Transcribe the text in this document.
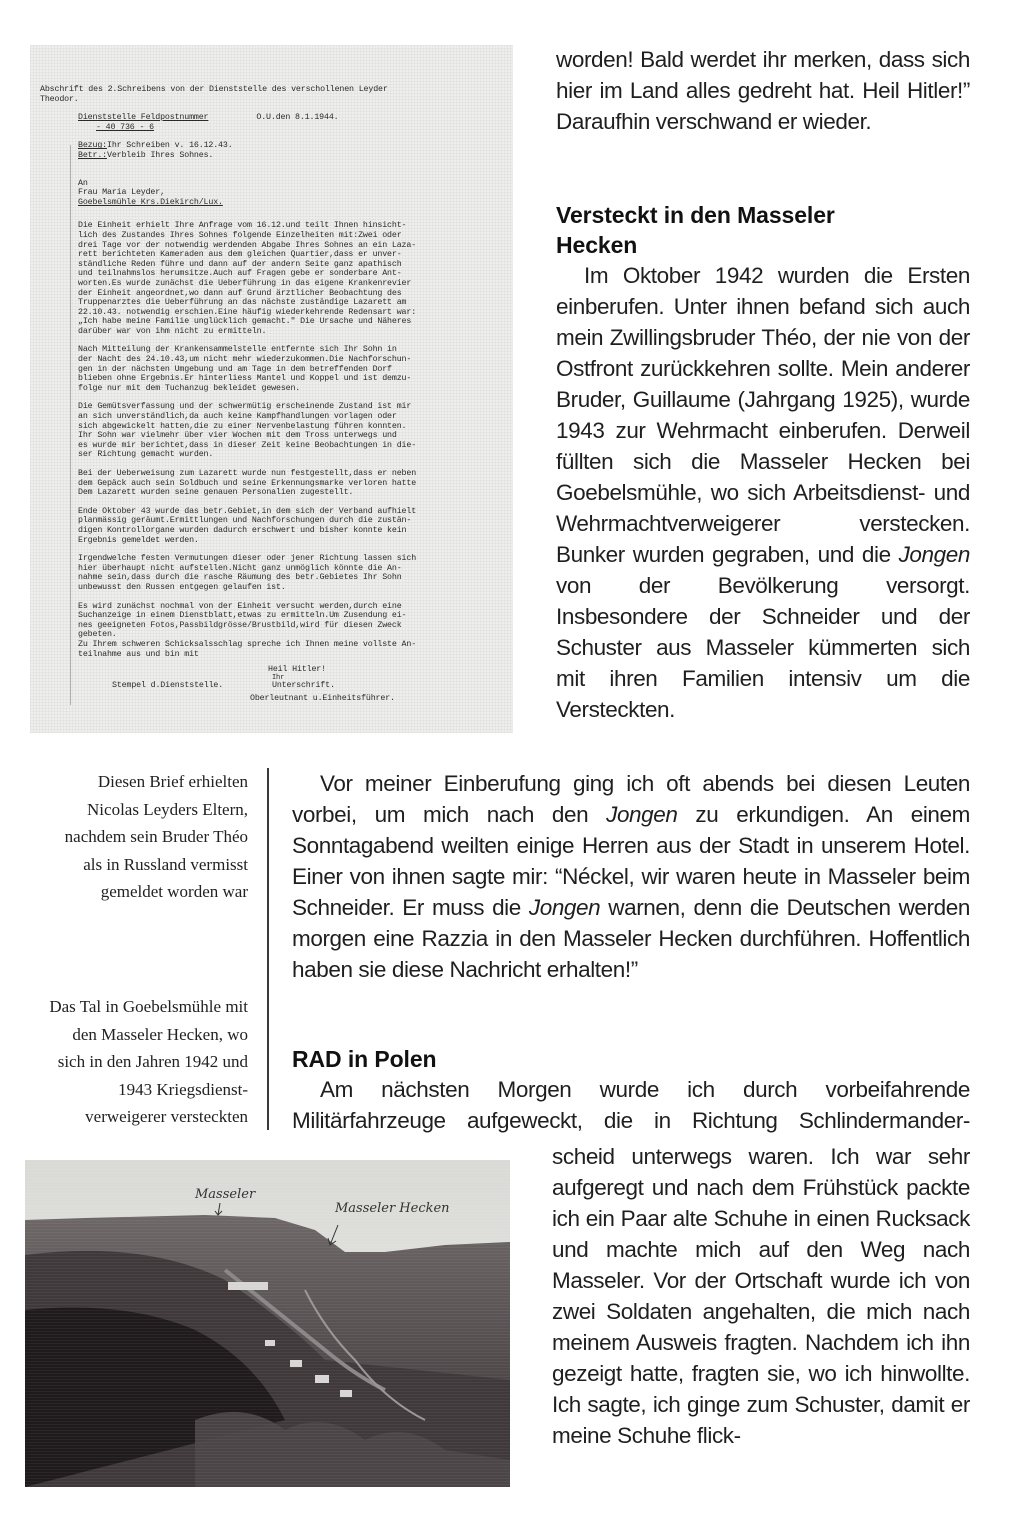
Abschrift des 2.Schreibens von der Dienststelle des verschollenen Leyder

Theodor.

Dienststelle Feldpostnummer	O.U.den 8.1.1944.

- 40 736 - 6

Bezug:Ihr Schreiben v. 16.12.43.

Betr.:Verbleib Ihres Sohnes.

An

Frau Maria Leyder,

Goebelsmühle Krs.Diekirch/Lux.

Die Einheit erhielt Ihre Anfrage vom 16.12.und teilt Ihnen hinsicht-
lich des Zustandes Ihres Sohnes folgende Einzelheiten mit:Zwei oder
drei Tage vor der notwendig werdenden Abgabe Ihres Sohnes an ein Laza-
rett berichteten Kameraden aus dem gleichen Quartier,dass er unver-
ständliche Reden führe und dann auf der andern Seite ganz apathisch
und teilnahmslos herumsitze.Auch auf Fragen gebe er sonderbare Ant-
worten.Es wurde zunächst die Ueberführung in das eigene Krankenrevier
der Einheit angeordnet,wo dann auf Grund ärztlicher Beobachtung des
Truppenarztes die Ueberführung an das nächste zuständige Lazarett am
22.10.43. notwendig erschien.Eine häufig wiederkehrende Redensart war:
„Ich habe meine Familie unglücklich gemacht." Die Ursache und Näheres
darüber war von ihm nicht zu ermitteln.

Nach Mitteilung der Krankensammelstelle entfernte sich Ihr Sohn in
der Nacht des 24.10.43,um nicht mehr wiederzukommen.Die Nachforschun-
gen in der nächsten Umgebung und am Tage in dem betreffenden Dorf
blieben ohne Ergebnis.Er hinterliess Mantel und Koppel und ist demzu-
folge nur mit dem Tuchanzug bekleidet gewesen.

Die Gemütsverfassung und der schwermütig erscheinende Zustand ist mir
an sich unverständlich,da auch keine Kampfhandlungen vorlagen oder
sich abgewickelt hatten,die zu einer Nervenbelastung führen konnten.
Ihr Sohn war vielmehr über vier Wochen mit dem Tross unterwegs und
es wurde mir berichtet,dass in dieser Zeit keine Beobachtungen in die-
ser Richtung gemacht wurden.

Bei der Ueberweisung zum Lazarett wurde nun festgestellt,dass er neben
dem Gepäck auch sein Soldbuch und seine Erkennungsmarke verloren hatte
Dem Lazarett wurden seine genauen Personalien zugestellt.

Ende Oktober 43 wurde das betr.Gebiet,in dem sich der Verband aufhielt
planmässig geräumt.Ermittlungen und Nachforschungen durch die zustän-
digen Kontrollorgane wurden dadurch erschwert und bisher konnte kein
Ergebnis gemeldet werden.

Irgendwelche festen Vermutungen dieser oder jener Richtung lassen sich
hier überhaupt nicht aufstellen.Nicht ganz unmöglich könnte die An-
nahme sein,dass durch die rasche Räumung des betr.Gebietes Ihr Sohn
unbewusst den Russen entgegen gelaufen ist.

Es wird zunächst nochmal von der Einheit versucht werden,durch eine
Suchanzeige in einem Dienstblatt,etwas zu ermitteln.Um Zusendung ei-
nes geeigneten Fotos,Passbildgrösse/Brustbild,wird für diesen Zweck
gebeten.
Zu Ihrem schweren Schicksalsschlag spreche ich Ihnen meine vollste An-
teilnahme aus und bin mit

Heil Hitler!
Ihr
Stempel d.Dienststelle.	Unterschrift.
Oberleutnant u.Einheitsführer.

worden! Bald werdet ihr merken, dass sich hier im Land alles gedreht hat. Heil Hitler!” Daraufhin verschwand er wieder.

Versteckt in den Masseler
Hecken

Im Oktober 1942 wurden die Ersten einberufen. Unter ihnen befand sich auch mein Zwillingsbruder Théo, der nie von der Ostfront zurückkehren sollte. Mein anderer Bruder, Guillaume (Jahrgang 1925), wurde 1943 zur Wehrmacht einberufen. Derweil füllten sich die Masseler Hecken bei Goebelsmühle, wo sich Arbeitsdienst- und Wehrmachtverweigerer verstecken. Bunker wurden gegraben, und die Jongen von der Bevölkerung versorgt. Insbesondere der Schneider und der Schuster aus Masseler kümmerten sich mit ihren Familien intensiv um die Versteckten.

Vor meiner Einberufung ging ich oft abends bei diesen Leuten vorbei, um mich nach den Jongen zu erkundigen. An einem Sonntagabend weilten einige Herren aus der Stadt in unserem Hotel. Einer von ihnen sagte mir: “Néckel, wir waren heute in Masseler beim Schneider. Er muss die Jongen warnen, denn die Deutschen werden morgen eine Razzia in den Masseler Hecken durchführen. Hoffentlich haben sie diese Nachricht erhalten!”

RAD in Polen

Am nächsten Morgen wurde ich durch vorbeifahrende Militärfahrzeuge aufgeweckt, die in Richtung Schlindermander-

scheid unterwegs waren. Ich war sehr aufgeregt und nach dem Frühstück packte ich ein Paar alte Schuhe in einen Rucksack und machte mich auf den Weg nach Masseler. Vor der Ortschaft wurde ich von zwei Soldaten angehalten, die mich nach meinem Ausweis fragten. Nachdem ich ihn gezeigt hatte, fragten sie, wo ich hinwollte. Ich sagte, ich ginge zum Schuster, damit er meine Schuhe flick-

Diesen Brief erhielten
Nicolas Leyders Eltern,
nachdem sein Bruder Théo
als in Russland vermisst
gemeldet worden war
Das Tal in Goebelsmühle mit
den Masseler Hecken, wo
sich in den Jahren 1942 und
1943 Kriegsdienst-
verweigerer versteckten
Masseler
Masseler Hecken
